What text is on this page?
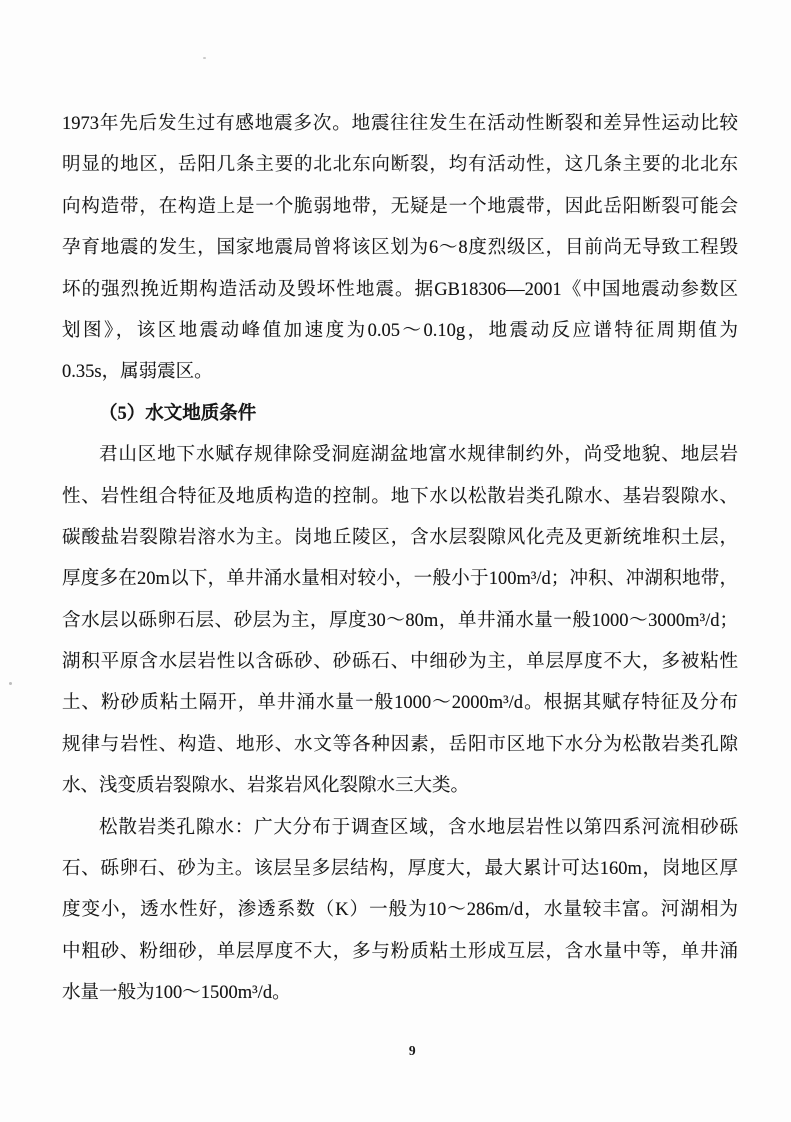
1973年先后发生过有感地震多次。地震往往发生在活动性断裂和差异性运动比较
明显的地区，岳阳几条主要的北北东向断裂，均有活动性，这几条主要的北北东
向构造带，在构造上是一个脆弱地带，无疑是一个地震带，因此岳阳断裂可能会
孕育地震的发生，国家地震局曾将该区划为6～8度烈级区，目前尚无导致工程毁
坏的强烈挽近期构造活动及毁坏性地震。据GB18306—2001《中国地震动参数区
划图》，该区地震动峰值加速度为0.05～0.10g，地震动反应谱特征周期值为
0.35s，属弱震区。
（5）水文地质条件
君山区地下水赋存规律除受洞庭湖盆地富水规律制约外，尚受地貌、地层岩
性、岩性组合特征及地质构造的控制。地下水以松散岩类孔隙水、基岩裂隙水、
碳酸盐岩裂隙岩溶水为主。岗地丘陵区，含水层裂隙风化壳及更新统堆积土层，
厚度多在20m以下，单井涌水量相对较小，一般小于100m³/d；冲积、冲湖积地带，
含水层以砾卵石层、砂层为主，厚度30～80m，单井涌水量一般1000～3000m³/d；
湖积平原含水层岩性以含砾砂、砂砾石、中细砂为主，单层厚度不大，多被粘性
土、粉砂质粘土隔开，单井涌水量一般1000～2000m³/d。根据其赋存特征及分布
规律与岩性、构造、地形、水文等各种因素，岳阳市区地下水分为松散岩类孔隙
水、浅变质岩裂隙水、岩浆岩风化裂隙水三大类。
松散岩类孔隙水：广大分布于调查区域，含水地层岩性以第四系河流相砂砾
石、砾卵石、砂为主。该层呈多层结构，厚度大，最大累计可达160m，岗地区厚
度变小，透水性好，渗透系数（K）一般为10～286m/d，水量较丰富。河湖相为
中粗砂、粉细砂，单层厚度不大，多与粉质粘土形成互层，含水量中等，单井涌
水量一般为100～1500m³/d。
9
